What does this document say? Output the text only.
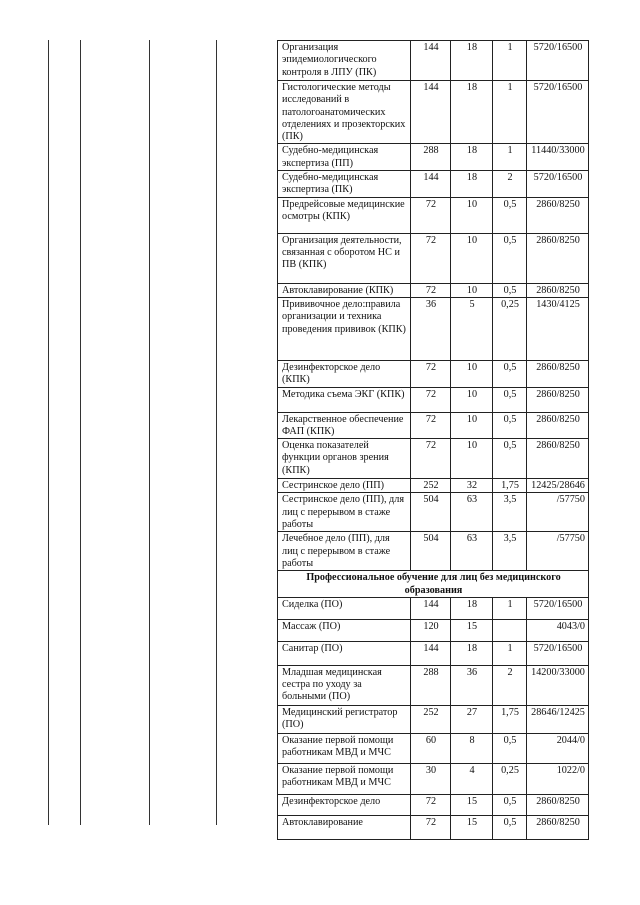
Организация эпидемиологического контроля в ЛПУ (ПК)	144	18	1	5720/16500
Гистологические методы исследований в патологоанатомических отделениях и прозекторских (ПК)	144	18	1	5720/16500
Судебно-медицинская экспертиза (ПП)	288	18	1	11440/33000
Судебно-медицинская экспертиза (ПК)	144	18	2	5720/16500
Предрейсовые медицинские осмотры (КПК)	72	10	0,5	2860/8250
Организация деятельности, связанная с оборотом НС и ПВ (КПК)	72	10	0,5	2860/8250
Автоклавирование (КПК)	72	10	0,5	2860/8250
Прививочное дело:правила организации и техника проведения прививок (КПК)	36	5	0,25	1430/4125
Дезинфекторское дело (КПК)	72	10	0,5	2860/8250
Методика съема ЭКГ (КПК)	72	10	0,5	2860/8250
Лекарственное обеспечение ФАП (КПК)	72	10	0,5	2860/8250
Оценка показателей функции органов зрения (КПК)	72	10	0,5	2860/8250
Сестринское дело (ПП)	252	32	1,75	12425/28646
Сестринское дело (ПП), для лиц с перерывом в стаже работы	504	63	3,5	/57750
Лечебное дело (ПП), для лиц с перерывом в стаже работы	504	63	3,5	/57750
Профессиональное обучение для лиц без медицинского образования				
Сиделка (ПО)	144	18	1	5720/16500
Массаж (ПО)	120	15		4043/0
Санитар (ПО)	144	18	1	5720/16500
Младшая медицинская сестра по уходу за больными (ПО)	288	36	2	14200/33000
Медицинский регистратор (ПО)	252	27	1,75	28646/12425
Оказание первой помощи работникам МВД и МЧС	60	8	0,5	2044/0
Оказание первой помощи работникам МВД и МЧС	30	4	0,25	1022/0
Дезинфекторское дело	72	15	0,5	2860/8250
Автоклавирование	72	15	0,5	2860/8250
